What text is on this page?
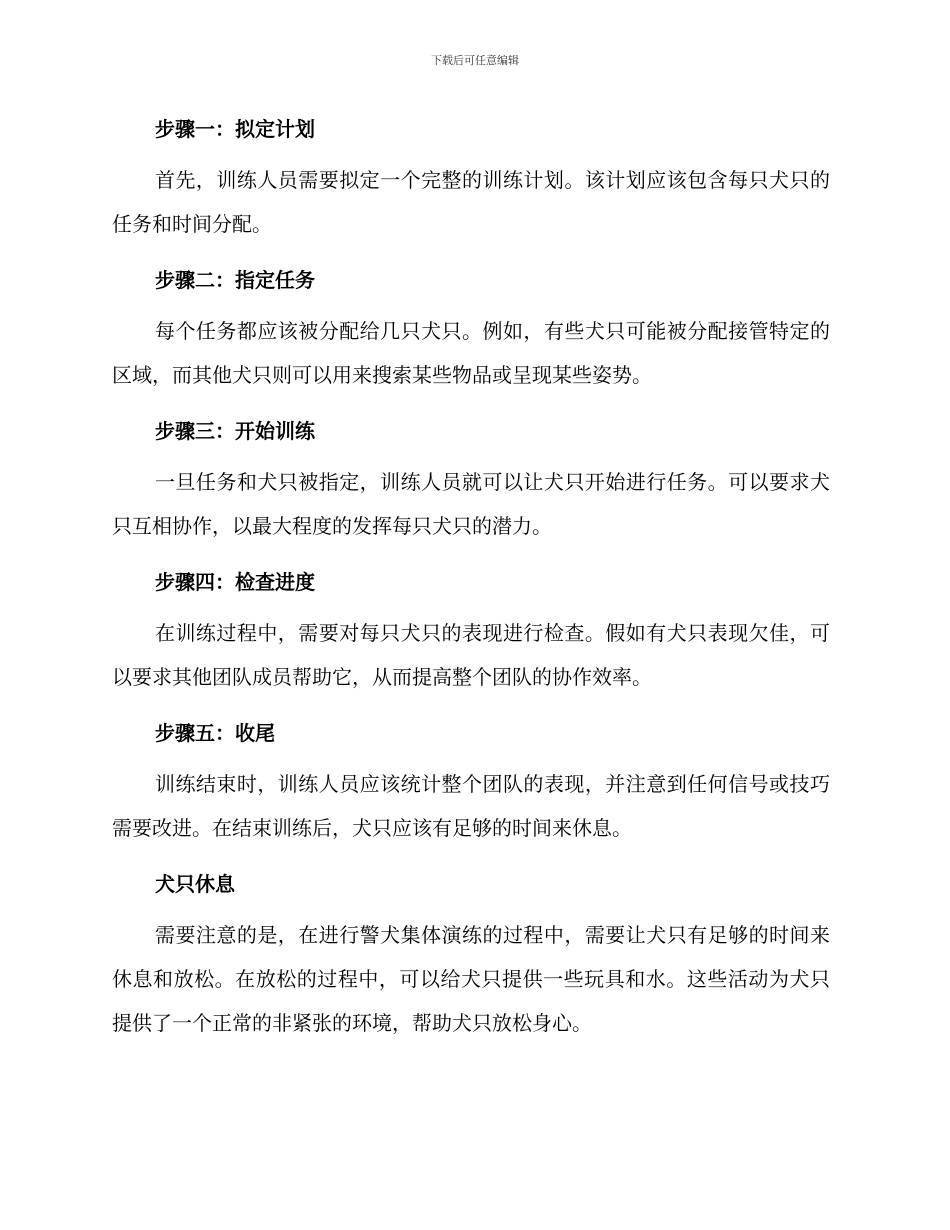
下载后可任意编辑

步骤一：拟定计划

首先，训练人员需要拟定一个完整的训练计划。该计划应该包含每只犬只的任务和时间分配。

步骤二：指定任务

每个任务都应该被分配给几只犬只。例如，有些犬只可能被分配接管特定的区域，而其他犬只则可以用来搜索某些物品或呈现某些姿势。

步骤三：开始训练

一旦任务和犬只被指定，训练人员就可以让犬只开始进行任务。可以要求犬只互相协作，以最大程度的发挥每只犬只的潜力。

步骤四：检查进度

在训练过程中，需要对每只犬只的表现进行检查。假如有犬只表现欠佳，可以要求其他团队成员帮助它，从而提高整个团队的协作效率。

步骤五：收尾

训练结束时，训练人员应该统计整个团队的表现，并注意到任何信号或技巧需要改进。在结束训练后，犬只应该有足够的时间来休息。

犬只休息

需要注意的是，在进行警犬集体演练的过程中，需要让犬只有足够的时间来休息和放松。在放松的过程中，可以给犬只提供一些玩具和水。这些活动为犬只提供了一个正常的非紧张的环境，帮助犬只放松身心。
